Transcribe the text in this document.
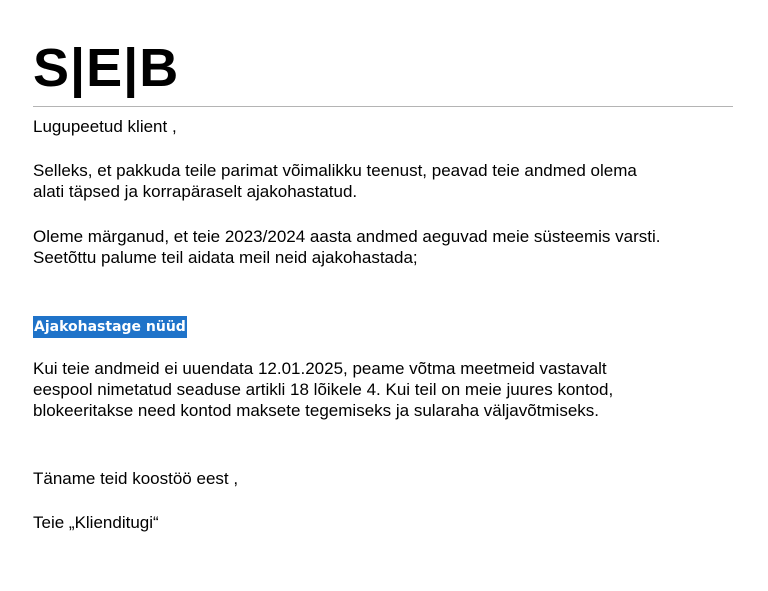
S|E|B
Lugupeetud klient ,
Selleks, et pakkuda teile parimat võimalikku teenust, peavad teie andmed olema
alati täpsed ja korrapäraselt ajakohastatud.
Oleme märganud, et teie 2023/2024 aasta andmed aeguvad meie süsteemis varsti.
Seetõttu palume teil aidata meil neid ajakohastada;
Ajakohastage nüüd
Kui teie andmeid ei uuendata 12.01.2025, peame võtma meetmeid vastavalt
eespool nimetatud seaduse artikli 18 lõikele 4. Kui teil on meie juures kontod,
blokeeritakse need kontod maksete tegemiseks ja sularaha väljavõtmiseks.
Täname teid koostöö eest ,
Teie „Klienditugi“
